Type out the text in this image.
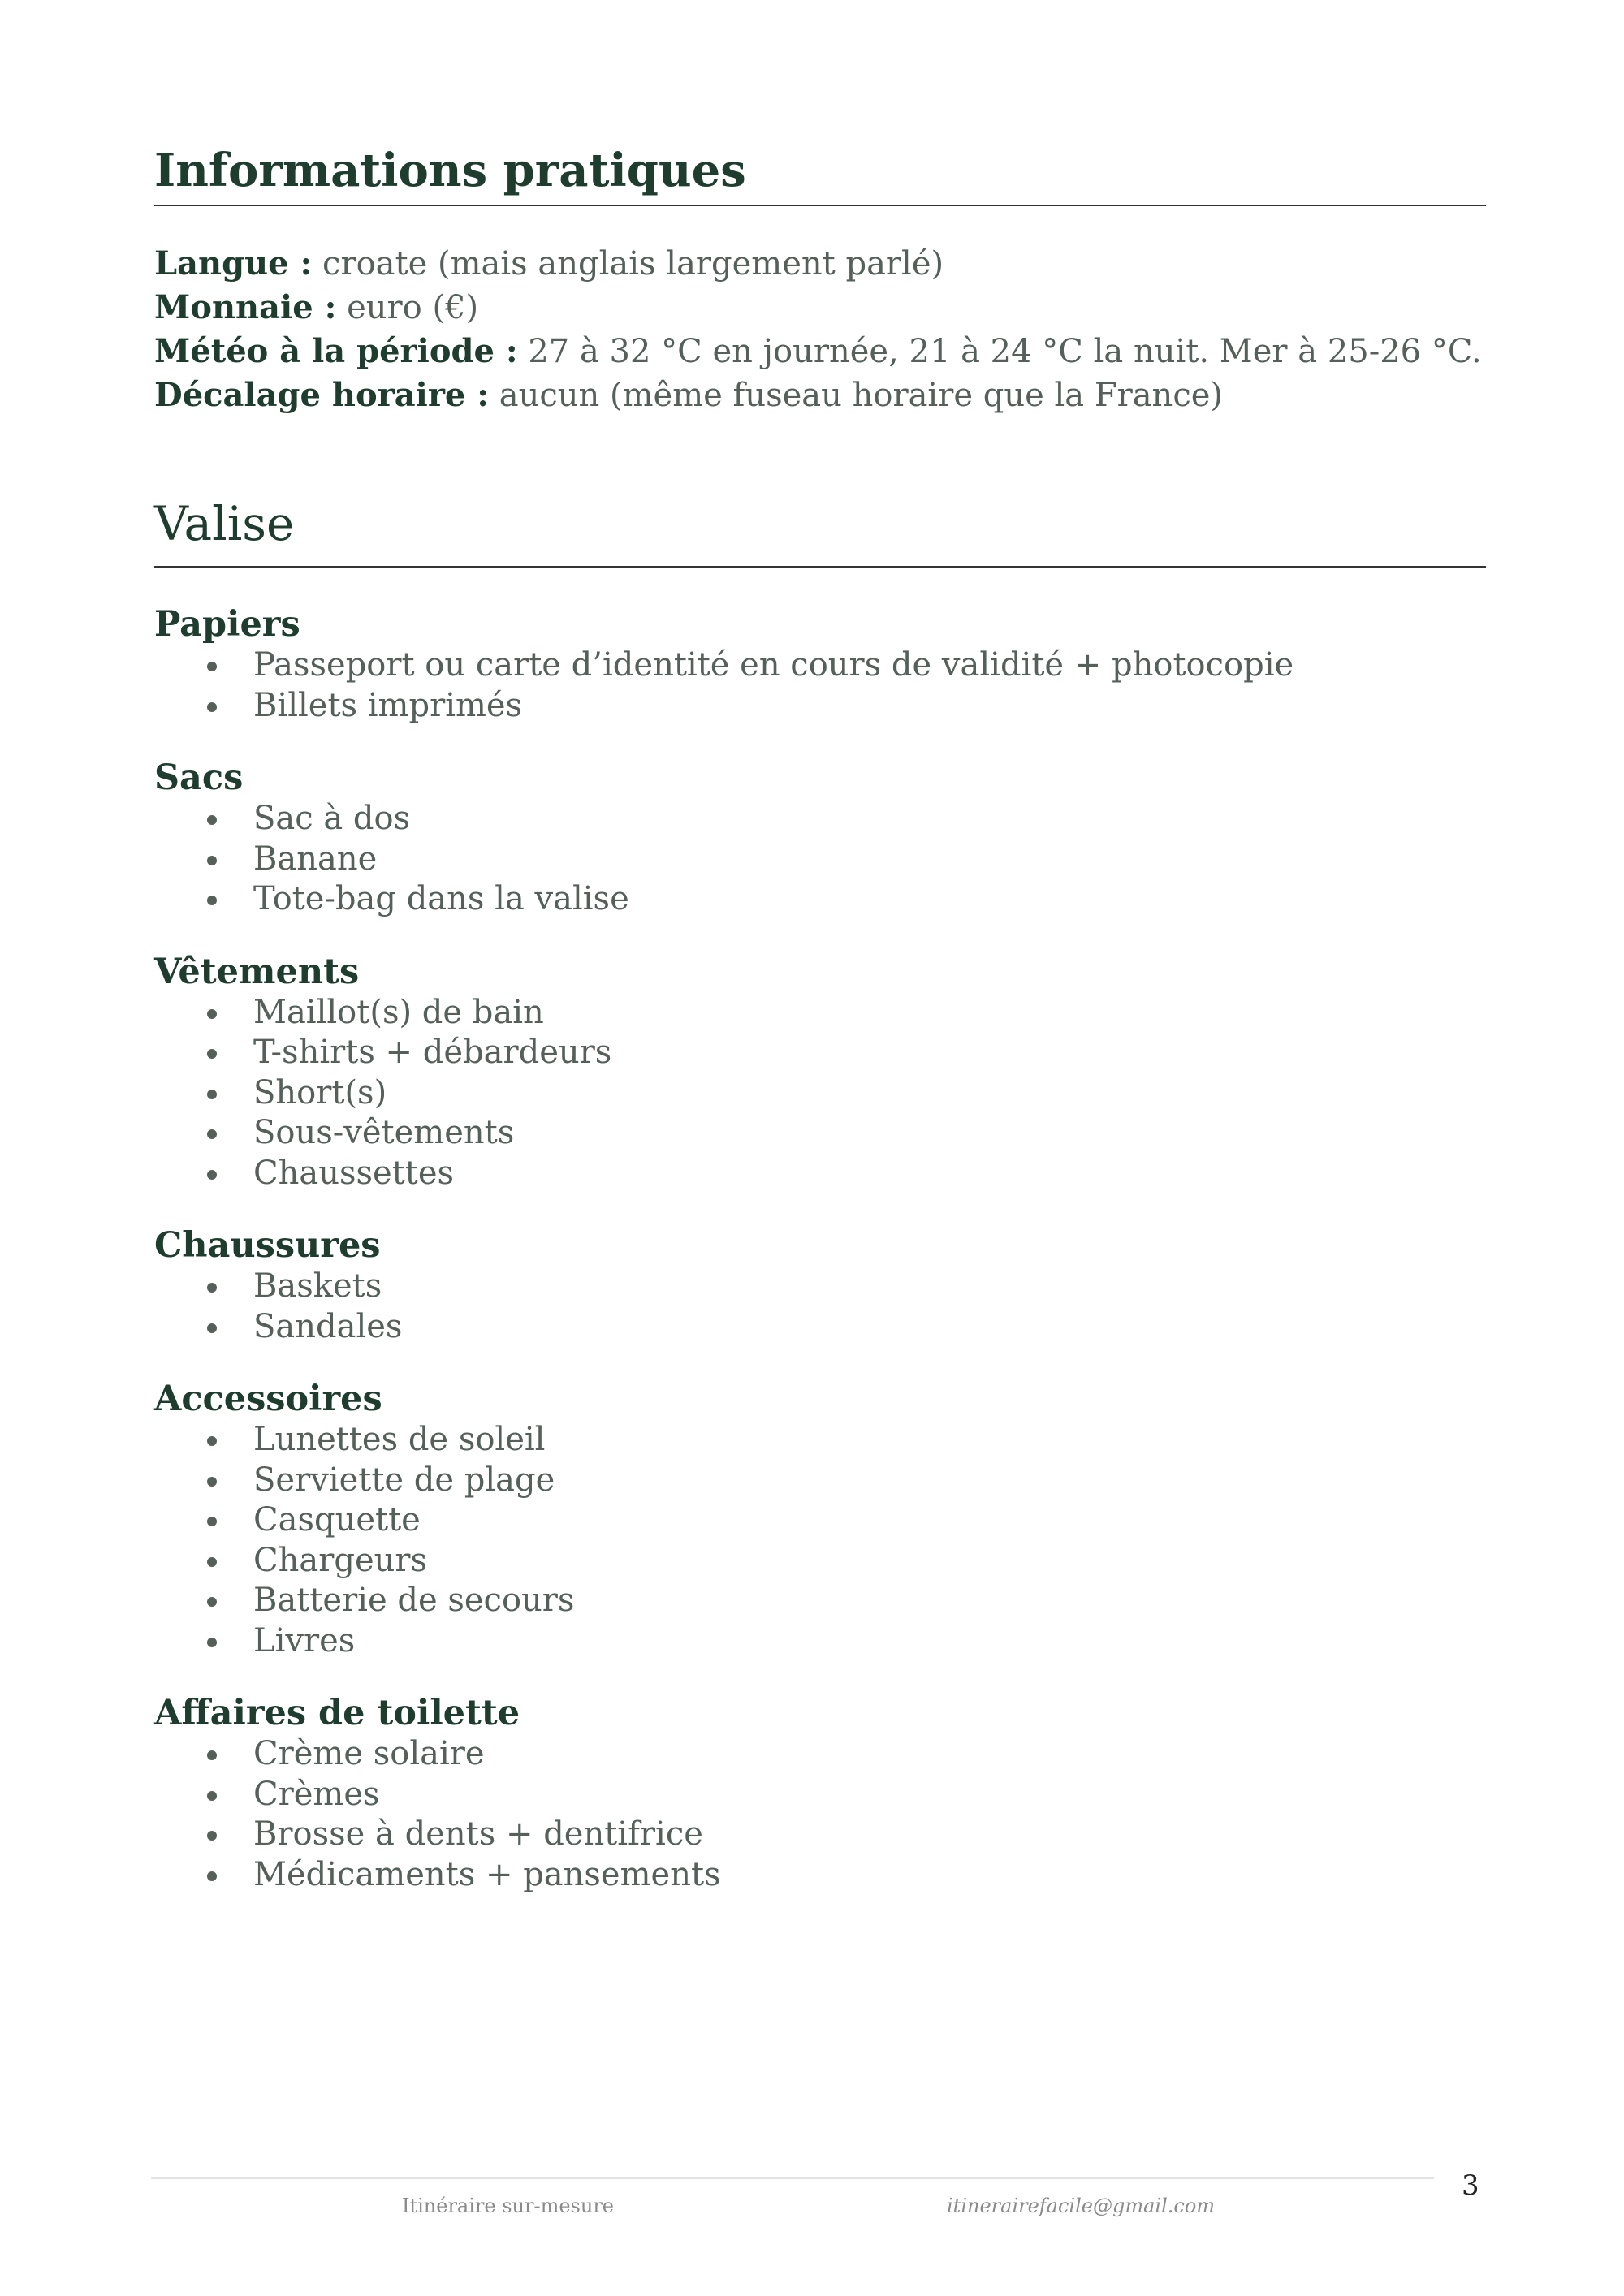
Informations pratiques
Langue : croate (mais anglais largement parlé)
Monnaie : euro (€)
Météo à la période : 27 à 32 °C en journée, 21 à 24 °C la nuit. Mer à 25-26 °C.
Décalage horaire : aucun (même fuseau horaire que la France)
Valise
Papiers
Passeport ou carte d’identité en cours de validité + photocopie
Billets imprimés
Sacs
Sac à dos
Banane
Tote-bag dans la valise
Vêtements
Maillot(s) de bain
T-shirts + débardeurs
Short(s)
Sous-vêtements
Chaussettes
Chaussures
Baskets
Sandales
Accessoires
Lunettes de soleil
Serviette de plage
Casquette
Chargeurs
Batterie de secours
Livres
Affaires de toilette
Crème solaire
Crèmes
Brosse à dents + dentifrice
Médicaments + pansements
Itinéraire sur-mesure	itinerairefacile@gmail.com
3
